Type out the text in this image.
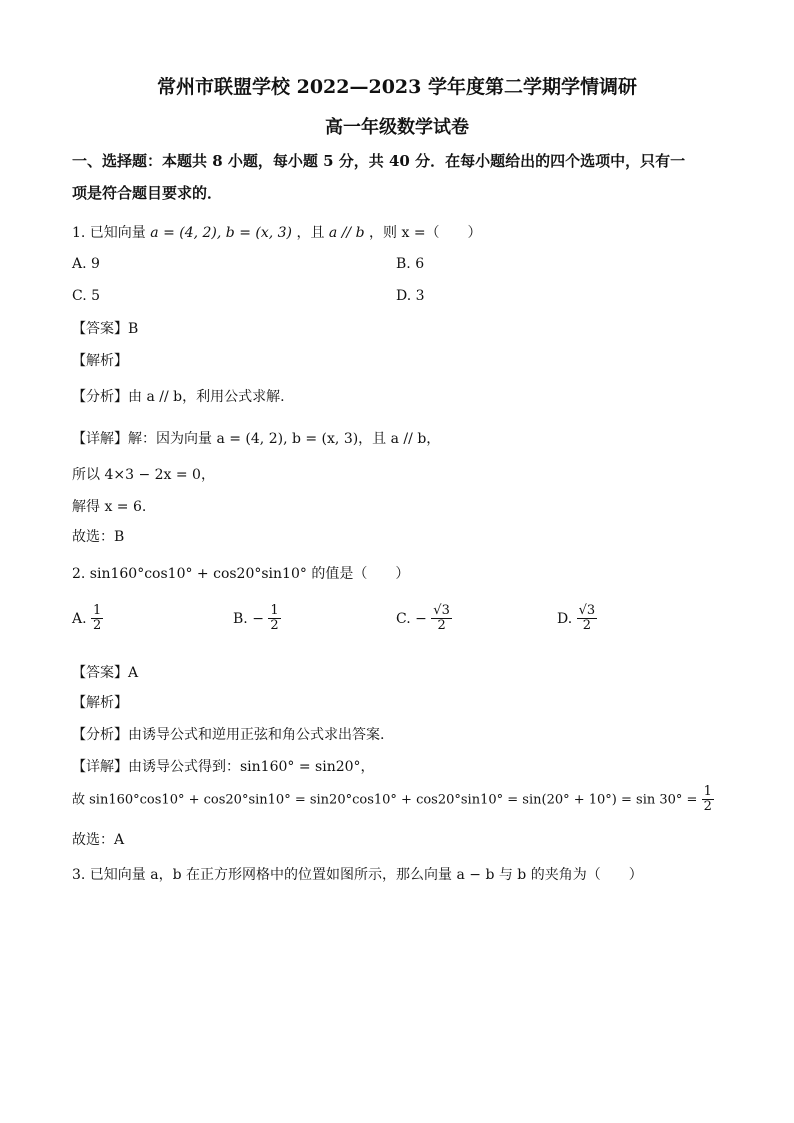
常州市联盟学校 2022—2023 学年度第二学期学情调研
高一年级数学试卷
一、选择题：本题共 8 小题，每小题 5 分，共 40 分．在每小题给出的四个选项中，只有一
项是符合题目要求的．
1. 已知向量 a = (4, 2), b = (x, 3) ，且 a // b ，则 x =（　　）
A. 9	B. 6
C. 5	D. 3
【答案】B
【解析】
【分析】由 a // b，利用公式求解.
【详解】解：因为向量 a = (4, 2), b = (x, 3)，且 a // b，
所以 4×3 − 2x = 0，
解得 x = 6.
故选：B
2. sin160°cos10° + cos20°sin10° 的值是（　　）
A. $\frac{1}{2}$	B. − $\frac{1}{2}$	C. − $\frac{√3}{2}$	D. $\frac{√3}{2}$
【答案】A
【解析】
【分析】由诱导公式和逆用正弦和角公式求出答案.
【详解】由诱导公式得到：sin160° = sin20°，
故 $\sin 160^\circ\cos 10^\circ + \cos 20^\circ\sin 10^\circ = \sin 20^\circ\cos 10^\circ + \cos 20^\circ\sin 10^\circ = \sin(20^\circ + 10^\circ) = \sin 30^\circ = \frac{1}{2}$
故选：A
3. 已知向量 a，b 在正方形网格中的位置如图所示，那么向量 a − b 与 b 的夹角为（　　）
